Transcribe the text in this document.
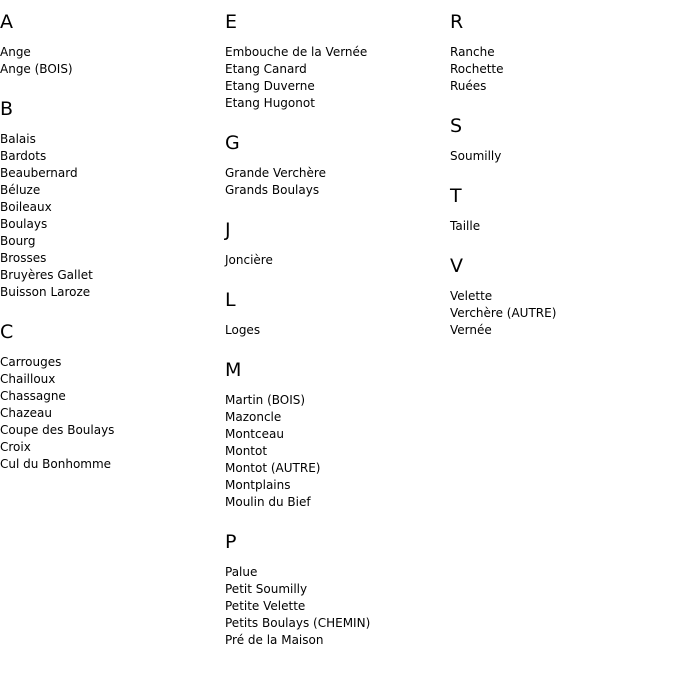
A
Ange
Ange (BOIS)
B
Balais
Bardots
Beaubernard
Béluze
Boileaux
Boulays
Bourg
Brosses
Bruyères Gallet
Buisson Laroze
C
Carrouges
Chailloux
Chassagne
Chazeau
Coupe des Boulays
Croix
Cul du Bonhomme
E
Embouche de la Vernée
Etang Canard
Etang Duverne
Etang Hugonot
G
Grande Verchère
Grands Boulays
J
Joncière
L
Loges
M
Martin (BOIS)
Mazoncle
Montceau
Montot
Montot (AUTRE)
Montplains
Moulin du Bief
P
Palue
Petit Soumilly
Petite Velette
Petits Boulays (CHEMIN)
Pré de la Maison
R
Ranche
Rochette
Ruées
S
Soumilly
T
Taille
V
Velette
Verchère (AUTRE)
Vernée
